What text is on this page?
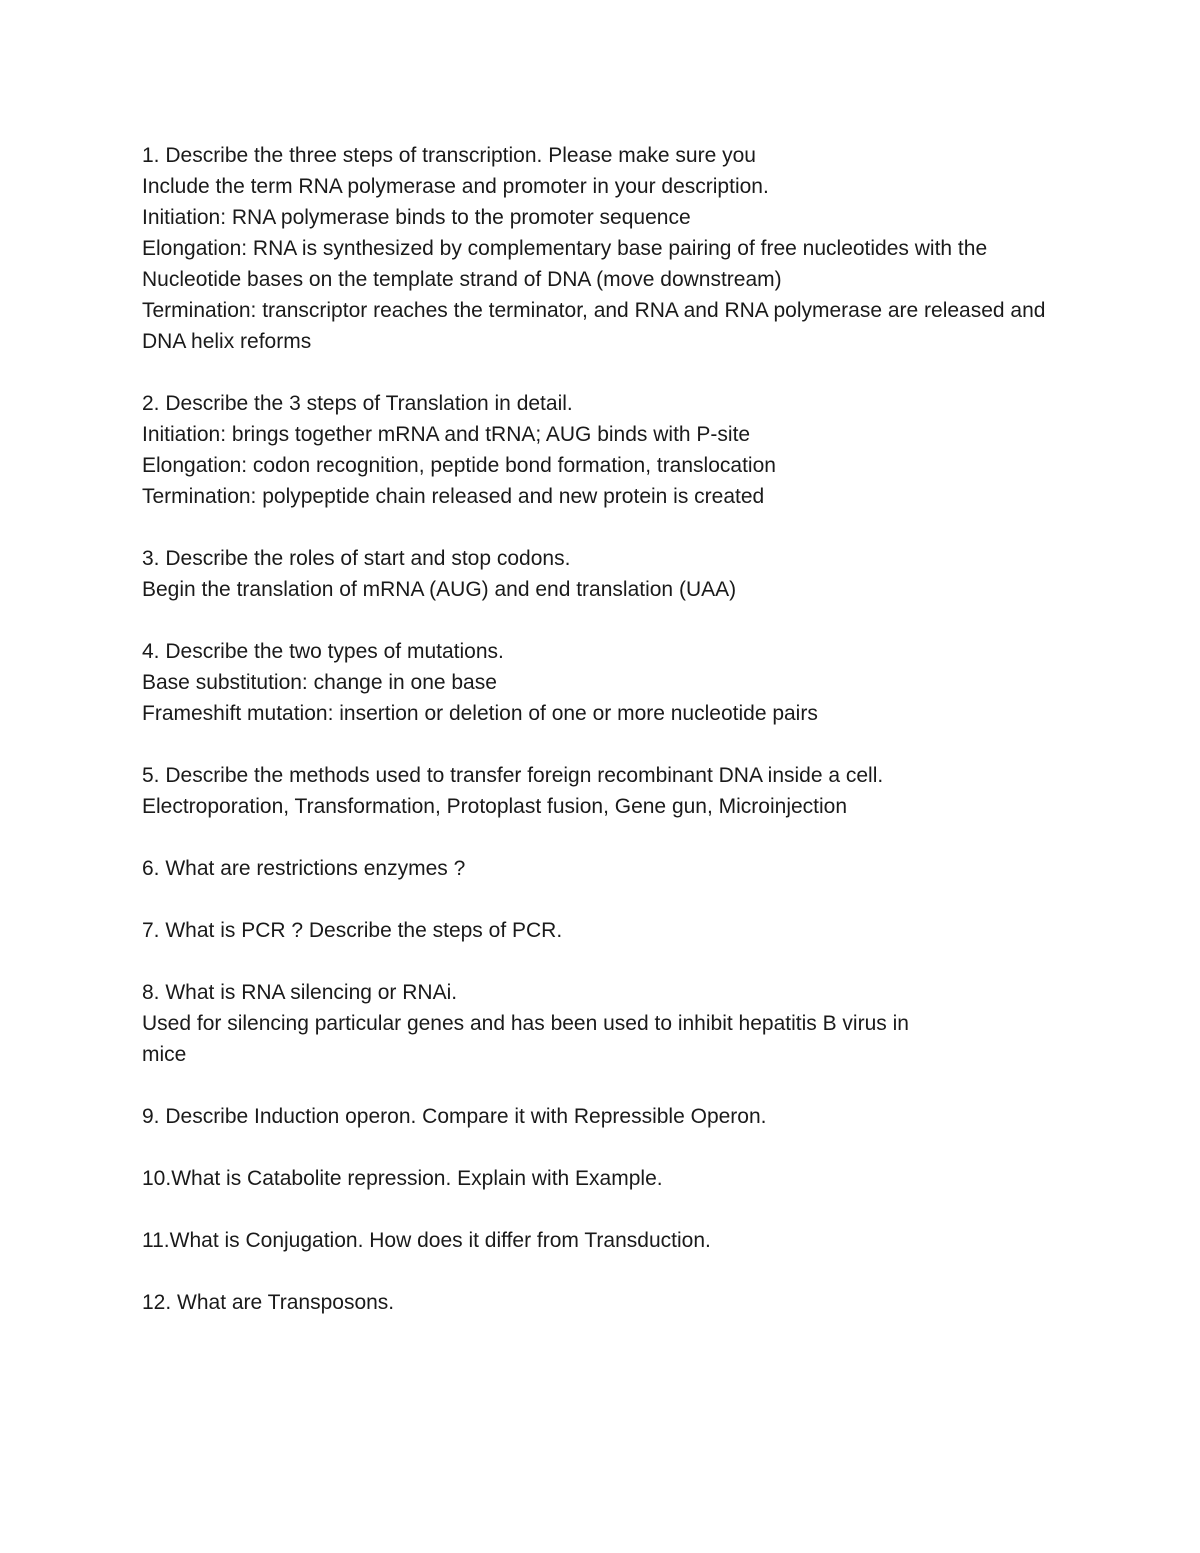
1. Describe the three steps of transcription. Please make sure you
Include the term RNA polymerase and promoter in your description.
Initiation: RNA polymerase binds to the promoter sequence
Elongation: RNA is synthesized by complementary base pairing of free nucleotides with the
Nucleotide bases on the template strand of DNA (move downstream)
Termination: transcriptor reaches the terminator, and RNA and RNA polymerase are released and
DNA helix reforms
2. Describe the 3 steps of Translation in detail.
Initiation: brings together mRNA and tRNA; AUG binds with P-site
Elongation: codon recognition, peptide bond formation, translocation
Termination: polypeptide chain released and new protein is created
3. Describe the roles of start and stop codons.
Begin the translation of mRNA (AUG) and end translation (UAA)
4. Describe the two types of mutations.
Base substitution: change in one base
Frameshift mutation: insertion or deletion of one or more nucleotide pairs
5. Describe the methods used to transfer foreign recombinant DNA inside a cell.
Electroporation, Transformation, Protoplast fusion, Gene gun, Microinjection
6. What are restrictions enzymes ?
7. What is PCR ? Describe the steps of PCR.
8. What is RNA silencing or RNAi.
Used for silencing particular genes and has been used to inhibit hepatitis B virus in
mice
9. Describe Induction operon. Compare it with Repressible Operon.
10.What is Catabolite repression. Explain with Example.
11.What is Conjugation. How does it differ from Transduction.
12. What are Transposons.
